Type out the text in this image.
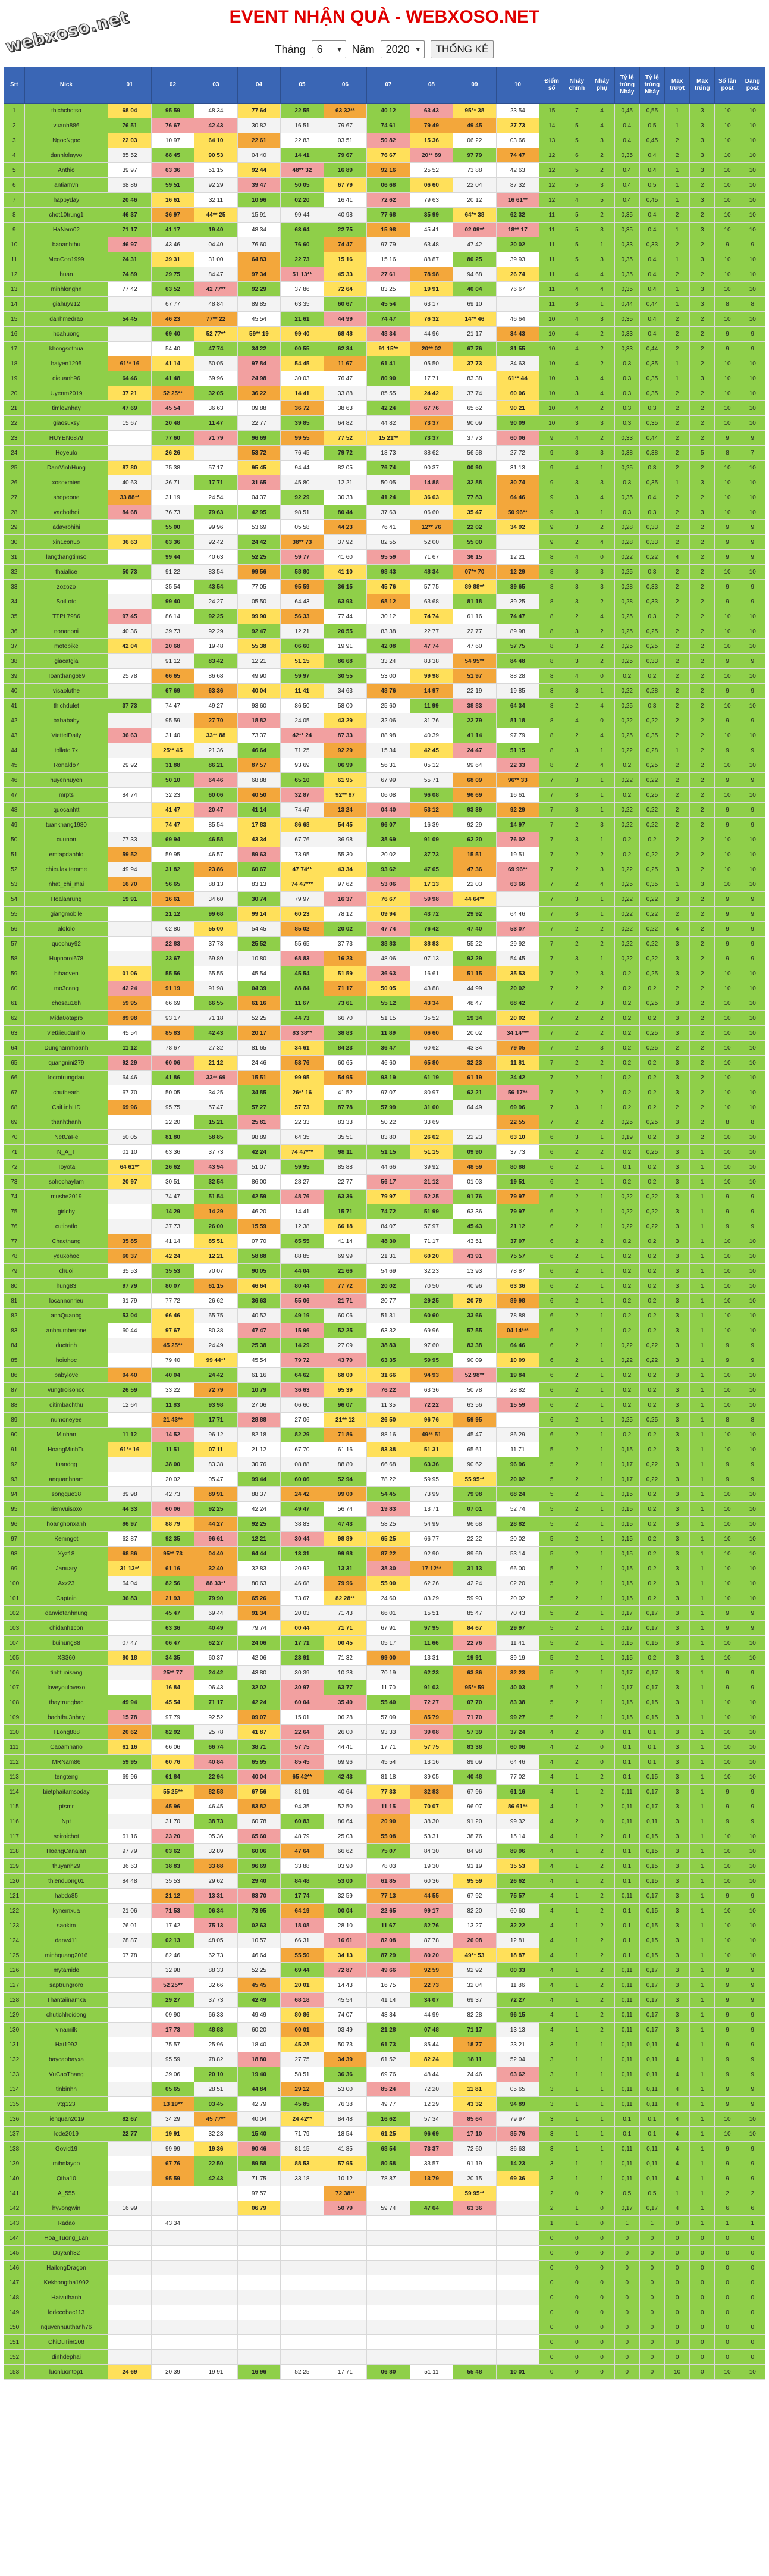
webxoso.net	EVENT NHẬN QUÀ - WEBXOSO.NET
Tháng 6 ▼ Năm 2020 ▼	THỐNG KÊ
Stt	Nick	01	02	03	04	05	06	07	08	09	10	Điểm số	Nháy chính	Nháy phụ	Tỷ lệ trúng Nháy	Tỷ lệ trúng Nháy	Max trượt	Max trúng	Số lần post	Dang post
1	thichchotso	68 04	95 59	48 34	77 64	22 55	63 32**	40 12	63 43	95** 38	23 54	15	7	4	0,45	0,55	1	3	10	10
2	vuanh886	76 51	76 67	42 43	30 82	16 51	79 67	74 61	79 49	49 45	27 73	14	5	4	0,4	0,5	1	3	10	10
3	NgocNgoc	22 03	10 97	64 10	22 61	22 83	03 51	50 82	15 36	06 22	03 66	13	5	3	0,4	0,45	2	3	10	10
4	danhlolayvo	85 52	88 45	90 53	04 40	14 41	79 67	76 67	20** 89	97 79	74 47	12	6	2	0,35	0,4	2	3	10	10
5	Anthio	39 97	63 36	51 15	92 44	48** 32	16 89	92 16	25 52	73 88	42 63	12	5	2	0,4	0,4	1	3	10	10
6	antiamvn	68 86	59 51	92 29	39 47	50 05	67 79	06 68	06 60	22 04	87 32	12	5	3	0,4	0,5	1	2	10	10
7	happyday	20 46	16 61	32 11	10 96	02 20	16 41	72 62	79 63	20 12	16 61**	12	4	5	0,4	0,45	1	3	10	10
8	chot10trung1	46 37	36 97	44** 25	15 91	99 44	40 98	77 68	35 99	64** 38	62 32	11	5	2	0,35	0,4	2	2	10	10
9	HaNam02	71 17	41 17	19 40	48 34	63 64	22 75	15 98	45 41	02 09**	18** 17	11	5	3	0,35	0,4	1	3	10	10
10	baoanhthu	46 97	43 46	04 40	76 60	76 60	74 47	97 79	63 48	47 42	20 02	11	5	1	0,33	0,33	2	2	9	9
11	MeoCon1999	24 31	39 31	31 00	64 83	22 73	15 16	15 16	88 87	80 25	39 93	11	5	3	0,35	0,4	1	3	10	10
12	huan	74 89	29 75	84 47	97 34	51 13**	45 33	27 61	78 98	94 68	26 74	11	4	4	0,35	0,4	2	2	10	10
13	minhlonghn	77 42	63 52	42 77**	92 29	37 86	72 64	83 25	19 91	40 04	76 67	11	4	4	0,35	0,4	1	3	10	10
14	giahuy912		67 77	48 84	89 85	63 35	60 67	45 54	63 17	69 10		11	3	1	0,44	0,44	1	3	8	8
15	danhmedrao	54 45	46 23	77** 22	45 54	21 61	44 99	74 47	76 32	14** 46	46 64	10	4	3	0,35	0,4	2	2	10	10
16	hoahuong		69 40	52 77**	59** 19	99 40	68 48	48 34	44 96	21 17	34 43	10	4	2	0,33	0,4	2	2	9	9
17	khongsothua		54 40	47 74	34 22	00 55	62 34	91 15**	20** 02	67 76	31 55	10	4	2	0,33	0,44	2	2	9	9
18	haiyen1295	61** 16	41 14	50 05	97 84	54 45	11 67	61 41	05 50	37 73	34 63	10	4	2	0,3	0,35	1	2	10	10
19	dieuanh96	64 46	41 48	69 96	24 98	30 03	76 47	80 90	17 71	83 38	61** 44	10	3	4	0,3	0,35	1	3	10	10
20	Uyenm2019	37 21	52 25**	32 05	36 22	14 41	33 88	85 55	24 42	37 74	60 06	10	3	4	0,3	0,35	2	2	10	10
21	timlo2nhay	47 69	45 54	36 63	09 88	36 72	38 63	42 24	67 76	65 62	90 21	10	4	2	0,3	0,3	2	2	10	10
22	giaosuxsy	15 67	20 48	11 47	22 77	39 85	64 82	44 82	73 37	90 09	90 09	10	3	3	0,3	0,35	2	2	10	10
23	HUYEN6879		77 60	71 79	96 69	99 55	77 52	15 21**	73 37	37 73	60 06	9	4	2	0,33	0,44	2	2	9	9
24	Hoyeulo		26 26		53 72	76 45	79 72	18 73	88 62	56 58	27 72	9	3	3	0,38	0,38	2	5	8	7
25	DamVinhHung	87 80	75 38	57 17	95 45	94 44	82 05	76 74	90 37	00 90	31 13	9	4	1	0,25	0,3	2	2	10	10
26	xosoxmien	40 63	36 71	17 71	31 65	45 80	12 21	50 05	14 88	32 88	30 74	9	3	3	0,3	0,35	1	3	10	10
27	shopeone	33 88**	31 19	24 54	04 37	92 29	30 33	41 24	36 63	77 83	64 46	9	3	4	0,35	0,4	2	2	10	10
28	vacbothoi	84 68	76 73	79 63	42 95	98 51	80 44	37 63	06 60	35 47	50 96**	9	3	1	0,3	0,3	2	3	10	10
29	adayrohihi		55 00	99 96	53 69	05 58	44 23	76 41	12** 76	22 02	34 92	9	3	2	0,28	0,33	2	2	9	9
30	xin1conLo	36 63	63 36	92 42	24 42	38** 73	37 92	82 55	52 00	55 00		9	2	4	0,28	0,33	2	2	9	9
31	langthangtimso		99 44	40 63	52 25	59 77	41 60	95 59	71 67	36 15	12 21	8	4	0	0,22	0,22	4	2	9	9
32	thaialice	50 73	91 22	83 54	99 56	58 80	41 10	98 43	48 34	07** 70	12 29	8	3	3	0,25	0,3	2	2	10	10
33	zozozo		35 54	43 54	77 05	95 59	36 15	45 76	57 75	89 88**	39 65	8	3	3	0,28	0,33	2	2	9	9
34	SoiLoto		99 40	24 27	05 50	64 43	63 93	68 12	63 68	81 18	39 25	8	3	2	0,28	0,33	2	2	9	9
35	TTPL7986	97 45	86 14	92 25	99 90	56 33	77 44	30 12	74 74	61 16	74 47	8	2	4	0,25	0,3	2	2	10	10
36	nonanoni	40 36	39 73	92 29	92 47	12 21	20 55	83 38	22 77	22 77	89 98	8	3	2	0,25	0,25	2	2	10	10
37	motobike	42 04	20 68	19 48	55 38	06 60	19 91	42 08	47 74	47 60	57 75	8	3	2	0,25	0,25	2	2	10	10
38	giacatgia		91 12	83 42	12 21	51 15	86 68	33 24	83 38	54 95**	84 48	8	3	2	0,25	0,33	2	2	9	9
39	Toanthang689	25 78	66 65	86 68	49 90	59 97	30 55	53 00	99 98	51 97	88 28	8	4	0	0,2	0,2	2	2	10	10
40	visaoluthe		67 69	63 36	40 04	11 41	34 63	48 76	14 97	22 19	19 85	8	3	1	0,22	0,28	2	2	9	9
41	thichdulet	37 73	74 47	49 27	93 60	86 50	58 00	25 60	11 99	38 83	64 34	8	2	4	0,25	0,3	2	2	10	10
42	babababy		95 59	27 70	18 82	24 05	43 29	32 06	31 76	22 79	81 18	8	4	0	0,22	0,22	2	2	9	9
43	ViettelDaily	36 63	31 40	33** 88	73 37	42** 24	87 33	88 98	40 39	41 14	97 79	8	2	4	0,25	0,35	2	2	10	10
44	tollatoi7x		25** 45	21 36	46 64	71 25	92 29	15 34	42 45	24 47	51 15	8	3	1	0,22	0,28	1	2	9	9
45	Ronaldo7	29 92	31 88	86 21	87 57	93 69	06 99	56 31	05 12	99 64	22 33	8	2	4	0,2	0,25	2	2	10	10
46	huyenhuyen		50 10	64 46	68 88	65 10	61 95	67 99	55 71	68 09	96** 33	7	3	1	0,22	0,22	2	2	9	9
47	mrpts	84 74	32 23	60 06	40 50	32 87	92** 87	06 08	96 08	96 69	16 61	7	3	1	0,2	0,25	2	2	10	10
48	quocanhtt		41 47	20 47	41 14	74 47	13 24	04 40	53 12	93 39	92 29	7	3	1	0,22	0,22	2	2	9	9
49	tuankhang1980		74 47	85 54	17 83	86 68	54 45	96 07	16 39	92 29	14 97	7	2	3	0,22	0,22	2	2	9	9
50	cuunon	77 33	69 94	46 58	43 34	67 76	36 98	38 69	91 09	62 20	76 02	7	3	1	0,2	0,2	2	2	10	10
51	emtapdanhlo	59 52	59 95	46 57	89 63	73 95	55 30	20 02	37 73	15 51	19 51	7	2	2	0,2	0,22	2	2	10	10
52	chieulaxitemme	49 94	31 82	23 86	60 67	47 74**	43 34	93 62	47 65	47 36	69 96**	7	2	3	0,22	0,25	3	2	10	10
53	nhat_chi_mai	16 70	56 65	88 13	83 13	74 47***	97 62	53 06	17 13	22 03	63 66	7	2	4	0,25	0,35	1	3	10	10
54	Hoalanrung	19 91	16 61	34 60	30 74	79 97	16 37	76 67	59 98	44 64**		7	3	1	0,22	0,22	3	2	9	9
55	giangmobile		21 12	99 68	99 14	60 23	78 12	09 94	43 72	29 92	64 46	7	3	1	0,22	0,22	2	2	9	9
56	alololo		02 80	55 00	54 45	85 02	20 02	47 74	76 42	47 40	53 07	7	2	2	0,22	0,22	4	2	9	9
57	quochuy92		22 83	37 73	25 52	55 65	37 73	38 83	38 83	55 22	29 92	7	2	2	0,22	0,22	3	2	9	9
58	Hupnoroi678		23 67	69 89	10 80	68 83	16 23	48 06	07 13	92 29	54 45	7	3	1	0,22	0,22	3	2	9	9
59	hihaoven	01 06	55 56	65 55	45 54	45 54	51 59	36 63	16 61	51 15	35 53	7	2	3	0,2	0,25	3	2	10	10
60	mo3cang	42 24	91 19	91 98	04 39	88 84	71 17	50 05	43 88	44 99	20 02	7	2	2	0,2	0,2	2	2	10	10
61	chosau18h	59 95	66 69	66 55	61 16	11 67	73 61	55 12	43 34	48 47	68 42	7	2	3	0,2	0,25	3	2	10	10
62	Mida0otapro	89 98	93 17	71 18	52 25	44 73	66 70	51 15	35 52	19 34	20 02	7	2	2	0,2	0,2	3	2	10	10
63	vietkieudanhlo	45 54	85 83	42 43	20 17	83 38**	38 83	11 89	06 60	20 02	34 14***	7	2	2	0,2	0,25	3	2	10	10
64	Dungnammoanh	11 12	78 67	27 32	81 65	34 61	84 23	36 47	60 62	43 34	79 05	7	2	3	0,2	0,25	2	2	10	10
65	quangnini279	92 29	60 06	21 12	24 46	53 76	60 65	46 60	65 80	32 23	11 81	7	2	2	0,2	0,2	3	2	10	10
66	locrotrungdau	64 46	41 86	33** 69	15 51	99 95	54 95	93 19	61 19	61 19	24 42	7	2	1	0,2	0,2	3	2	10	10
67	chuthearh	67 70	50 05	34 25	34 85	26** 16	41 52	97 07	80 97	62 21	56 17**	7	2	2	0,2	0,2	3	2	10	10
68	CaiLinhHD	69 96	95 75	57 47	57 27	57 73	87 78	57 99	31 60	64 49	69 96	7	3	1	0,2	0,2	2	2	10	10
69	thanhthanh		22 20	15 21	25 81	22 33	83 33	50 22	33 69		22 55	7	2	2	0,25	0,25	3	2	8	8
70	NetCaFe	50 05	81 80	58 85	98 89	64 35	35 51	83 80	26 62	22 23	63 10	6	3	1	0,19	0,2	3	2	10	10
71	N_A_T	01 10	63 36	37 73	42 24	74 47***	98 11	51 15	51 15	09 90	37 73	6	2	2	0,2	0,25	3	1	10	10
72	Toyota	64 61**	26 62	43 94	51 07	59 95	85 88	44 66	39 92	48 59	80 88	6	2	1	0,1	0,2	3	1	10	10
73	sohochaylam	20 97	30 51	32 54	86 00	28 27	22 77	56 17	21 12	01 03	19 51	6	2	1	0,2	0,2	3	1	10	10
74	mushe2019		74 47	51 54	42 59	48 76	63 36	79 97	52 25	91 76	79 97	6	2	1	0,22	0,22	3	1	9	9
75	girlchy		14 29	14 29	46 20	14 41	15 71	74 72	51 99	63 36	79 97	6	2	1	0,22	0,22	3	1	9	9
76	cutibatlo		37 73	26 00	15 59	12 38	66 18	84 07	57 97	45 43	21 12	6	2	1	0,22	0,22	3	1	9	9
77	Chacthang	35 85	41 14	85 51	07 70	85 55	41 14	48 30	71 17	43 51	37 07	6	2	2	0,2	0,2	3	1	10	10
78	yeuxohoc	60 37	42 24	12 21	58 88	88 85	69 99	21 31	60 20	43 91	75 57	6	2	1	0,2	0,2	3	1	10	10
79	chuoi	35 53	35 53	70 07	90 05	44 04	21 66	54 69	32 23	13 93	78 87	6	2	1	0,2	0,2	3	1	10	10
80	hung83	97 79	80 07	61 15	46 64	80 44	77 72	20 02	70 50	40 96	63 36	6	2	1	0,2	0,2	3	1	10	10
81	locannonrieu	91 79	77 72	26 62	36 63	55 06	21 71	20 77	29 25	20 79	89 98	6	2	1	0,2	0,2	3	1	10	10
82	anhQuanbg	53 04	66 46	65 75	40 52	49 19	60 06	51 31	60 60	33 66	78 88	6	2	1	0,2	0,2	3	1	10	10
83	anhnumberone	60 44	97 67	80 38	47 47	15 96	52 25	63 32	69 96	57 55	04 14***	6	2	1	0,2	0,2	3	1	10	10
84	ductrinh		45 25**	24 49	25 38	14 29	27 09	38 83	97 60	83 38	64 46	6	2	1	0,22	0,22	3	1	9	9
85	hoiohoc		79 40	99 44**	45 54	79 72	43 70	63 35	59 95	90 09	10 09	6	2	1	0,22	0,22	3	1	9	9
86	babylove	04 40	40 04	24 42	61 16	64 62	68 00	31 66	94 93	52 98**	19 84	6	2	1	0,2	0,2	3	1	10	10
87	vungtroisohoc	26 59	33 22	72 79	10 79	36 63	95 39	76 22	63 36	50 78	28 82	6	2	1	0,2	0,2	3	1	10	10
88	ditimbachthu	12 64	11 83	93 98	27 06	06 60	96 07	11 35	72 22	63 56	15 59	6	2	1	0,2	0,2	3	1	10	10
89	numoneyee		21 43**	17 71	28 88	27 06	21** 12	26 50	96 76	59 95		6	2	1	0,25	0,25	3	1	8	8
90	Minhan	11 12	14 52	96 12	82 18	82 29	71 86	88 16	49** 51	45 47	86 29	6	2	1	0,2	0,2	3	1	10	10
91	HoangMinhTu	61** 16	11 51	07 11	21 12	67 70	61 16	83 38	51 31	65 61	11 71	5	2	1	0,15	0,2	3	1	10	10
92	tuandgg		38 00	83 38	30 76	08 88	88 80	66 68	63 36	90 62	96 96	5	2	1	0,17	0,22	3	1	9	9
93	anquanhnam		20 02	05 47	99 44	60 06	52 94	78 22	59 95	55 95**	20 02	5	2	1	0,17	0,22	3	1	9	9
94	songque38	89 98	42 73	89 91	88 37	24 42	99 00	54 45	73 99	79 98	68 24	5	2	1	0,15	0,2	3	1	10	10
95	riemvuisoxo	44 33	60 06	92 25	42 24	49 47	56 74	19 83	13 71	07 01	52 74	5	2	1	0,15	0,2	3	1	10	10
96	hoanghonxanh	86 97	88 79	44 27	92 25	38 83	47 43	58 25	54 99	96 68	28 82	5	2	1	0,15	0,2	3	1	10	10
97	Kemngot	62 87	92 35	96 61	12 21	30 44	98 89	65 25	66 77	22 22	20 02	5	2	1	0,15	0,2	3	1	10	10
98	Xyz18	68 86	95** 73	04 40	64 44	13 31	99 98	87 22	92 90	89 69	53 14	5	2	1	0,15	0,2	3	1	10	10
99	January	31 13**	61 16	32 40	32 83	20 92	13 31	38 30	17 12**	31 13	66 00	5	2	1	0,15	0,2	3	1	10	10
100	Axz23	64 04	82 56	88 33**	80 63	46 68	79 96	55 00	62 26	42 24	02 20	5	2	1	0,15	0,2	3	1	10	10
101	Captain	36 83	21 93	79 90	65 26	73 67	82 28**	24 60	83 29	59 93	20 02	5	2	1	0,15	0,2	3	1	10	10
102	danvietanhnung		45 47	69 44	91 34	20 03	71 43	66 01	15 51	85 47	70 43	5	2	1	0,17	0,17	3	1	9	9
103	chidanh1con		63 36	40 49	79 74	00 44	71 71	67 91	97 95	84 67	29 97	5	2	1	0,17	0,17	3	1	9	9
104	buihung88	07 47	06 47	62 27	24 06	17 71	00 45	05 17	11 66	22 76	11 41	5	2	1	0,15	0,15	3	1	10	10
105	XS360	80 18	34 35	60 37	42 06	23 91	71 32	99 00	13 31	19 91	39 19	5	2	1	0,15	0,2	3	1	10	10
106	tinhtuoisang		25** 77	24 42	43 80	30 39	10 28	70 19	62 23	63 36	32 23	5	2	1	0,17	0,17	3	1	9	9
107	loveyoulovexo		16 84	06 43	32 02	30 97	63 77	11 70	91 03	95** 59	40 03	5	2	1	0,17	0,17	3	1	9	9
108	thaytrungbac	49 94	45 54	71 17	42 24	60 04	35 40	55 40	72 27	07 70	83 38	5	2	1	0,15	0,15	3	1	10	10
109	bachthu3nhay	15 78	97 79	92 52	09 07	15 01	06 28	57 09	85 79	71 70	99 27	5	2	1	0,15	0,15	3	1	10	10
110	TLong888	20 62	82 92	25 78	41 87	22 64	26 00	93 33	39 08	57 39	37 24	4	2	0	0,1	0,1	3	1	10	10
111	Caoamhano	61 16	66 06	66 74	38 71	57 75	44 41	17 71	57 75	83 38	60 06	4	2	0	0,1	0,1	3	1	10	10
112	MRNam86	59 95	60 76	40 84	65 95	85 45	69 96	45 54	13 16	89 09	64 46	4	2	0	0,1	0,1	3	1	10	10
113	tengteng	69 96	61 84	22 94	40 04	65 42**	42 43	81 18	39 05	40 48	77 02	4	1	2	0,1	0,15	3	1	10	10
114	bietphaitamsoday		55 25**	82 58	67 56	81 91	40 64	77 33	32 83	67 96	61 16	4	1	2	0,11	0,17	3	1	9	9
115	ptsmr		45 96	46 45	83 82	94 35	52 50	11 15	70 07	96 07	86 61**	4	1	2	0,11	0,17	3	1	9	9
116	Npt		31 70	38 73	60 78	60 83	86 64	20 90	38 30	91 20	99 32	4	2	0	0,11	0,11	3	1	9	9
117	soiroichot	61 16	23 20	05 36	65 60	48 79	25 03	55 08	53 31	38 76	15 14	4	1	2	0,1	0,15	3	1	10	10
118	HoangCanalan	97 79	03 62	32 89	60 06	47 64	66 62	75 07	84 30	84 98	89 96	4	1	2	0,1	0,15	3	1	10	10
119	thuyanh29	36 63	38 83	33 88	96 69	33 88	03 90	78 03	19 30	91 19	35 53	4	1	2	0,1	0,15	3	1	10	10
120	thienduong01	84 48	35 53	29 62	29 40	84 48	53 00	61 85	60 36	95 59	26 62	4	1	2	0,1	0,15	3	1	10	10
121	habdo85		21 12	13 31	83 70	17 74	32 59	77 13	44 55	67 92	75 57	4	1	2	0,11	0,17	3	1	9	9
122	kynemxua	21 06	71 53	06 34	73 95	64 19	00 04	22 65	99 17	82 20	60 60	4	1	2	0,1	0,15	3	1	10	10
123	saokim	76 01	17 42	75 13	02 63	18 08	28 10	11 67	82 76	13 27	32 22	4	1	2	0,1	0,15	3	1	10	10
124	danv411	78 87	02 13	48 05	10 57	66 31	16 61	82 08	87 78	26 08	12 81	4	1	2	0,1	0,15	3	1	10	10
125	minhquang2016	07 78	82 46	62 73	46 64	55 50	34 13	87 29	80 20	49** 53	18 87	4	1	2	0,1	0,15	3	1	10	10
126	mytamido		32 98	88 33	52 25	69 44	72 87	49 66	92 59	92 92	00 33	4	1	2	0,11	0,17	3	1	9	9
127	saptrungroro		52 25**	32 66	45 45	20 01	14 43	16 75	22 73	32 04	11 86	4	1	2	0,11	0,17	3	1	9	9
128	Thantaiinamxa		29 27	37 73	42 49	68 18	45 54	41 14	34 07	69 37	72 27	4	1	2	0,11	0,17	3	1	9	9
129	chutichhoidong		09 90	66 33	49 49	80 86	74 07	48 84	44 99	82 28	96 15	4	1	2	0,11	0,17	3	1	9	9
130	vinamilk		17 73	48 83	60 20	00 01	03 49	21 28	07 48	71 17	13 13	4	1	2	0,11	0,17	3	1	9	9
131	Hai1992		75 57	25 96	18 40	45 28	50 73	61 73	85 44	18 77	23 21	3	1	1	0,11	0,11	4	1	9	9
132	baycaobayxa		95 59	78 82	18 80	27 75	34 39	61 52	82 24	18 11	52 04	3	1	1	0,11	0,11	4	1	9	9
133	VuCaoThang		39 06	20 10	19 40	58 51	36 36	69 76	48 44	24 46	63 62	3	1	1	0,11	0,11	4	1	9	9
134	tinbinhn		05 65	28 51	44 84	29 12	53 00	85 24	72 20	11 81	05 65	3	1	1	0,11	0,11	4	1	9	9
135	vtg123		13 19**	03 45	42 79	45 85	76 38	49 77	12 29	43 32	94 89	3	1	1	0,11	0,11	4	1	9	9
136	lienquan2019	82 67	34 29	45 77**	40 04	24 42**	84 48	16 62	57 34	85 64	79 97	3	1	1	0,1	0,1	4	1	10	10
137	lode2019	22 77	19 91	32 23	15 40	71 79	18 54	61 25	96 69	17 10	85 76	3	1	1	0,1	0,1	4	1	10	10
138	Govid19		99 99	19 36	90 46	81 15	41 85	68 54	73 37	72 60	36 63	3	1	1	0,11	0,11	4	1	9	9
139	mihnlaydo		67 76	22 50	89 58	88 53	57 95	80 58	33 57	91 19	14 23	3	1	1	0,11	0,11	4	1	9	9
140	Qtha10		95 59	42 43	71 75	33 18	10 12	78 87	13 79	20 15	69 36	3	1	1	0,11	0,11	4	1	9	9
141	A_555				97 57		72 38**			59 95**		2	0	2	0,5	0,5	1	1	2	2
142	hyvongwin	16 99			06 79		50 79	59 74	47 64	63 36		2	1	0	0,17	0,17	4	1	6	6
143	Radao		43 34									1	1	0	1	1	0	1	1	1
144	Hoa_Tuong_Lan											0	0	0	0	0	0	0	0	0
145	Duyanh82											0	0	0	0	0	0	0	0	0
146	HailongDragon											0	0	0	0	0	0	0	0	0
147	Kekhongtha1992											0	0	0	0	0	0	0	0	0
148	Haivuthanh											0	0	0	0	0	0	0	0	0
149	lodecobac113											0	0	0	0	0	0	0	0	0
150	nguyenhuuthanh76											0	0	0	0	0	0	0	0	0
151	ChiDuTim208											0	0	0	0	0	0	0	0	0
152	dinhdephai											0	0	0	0	0	0	0	0	0
153	luonluontop1	24 69	20 39	19 91	16 96	52 25	17 71	06 80	51 11	55 48	10 01	0	0	0	0	0	10	0	10	10
